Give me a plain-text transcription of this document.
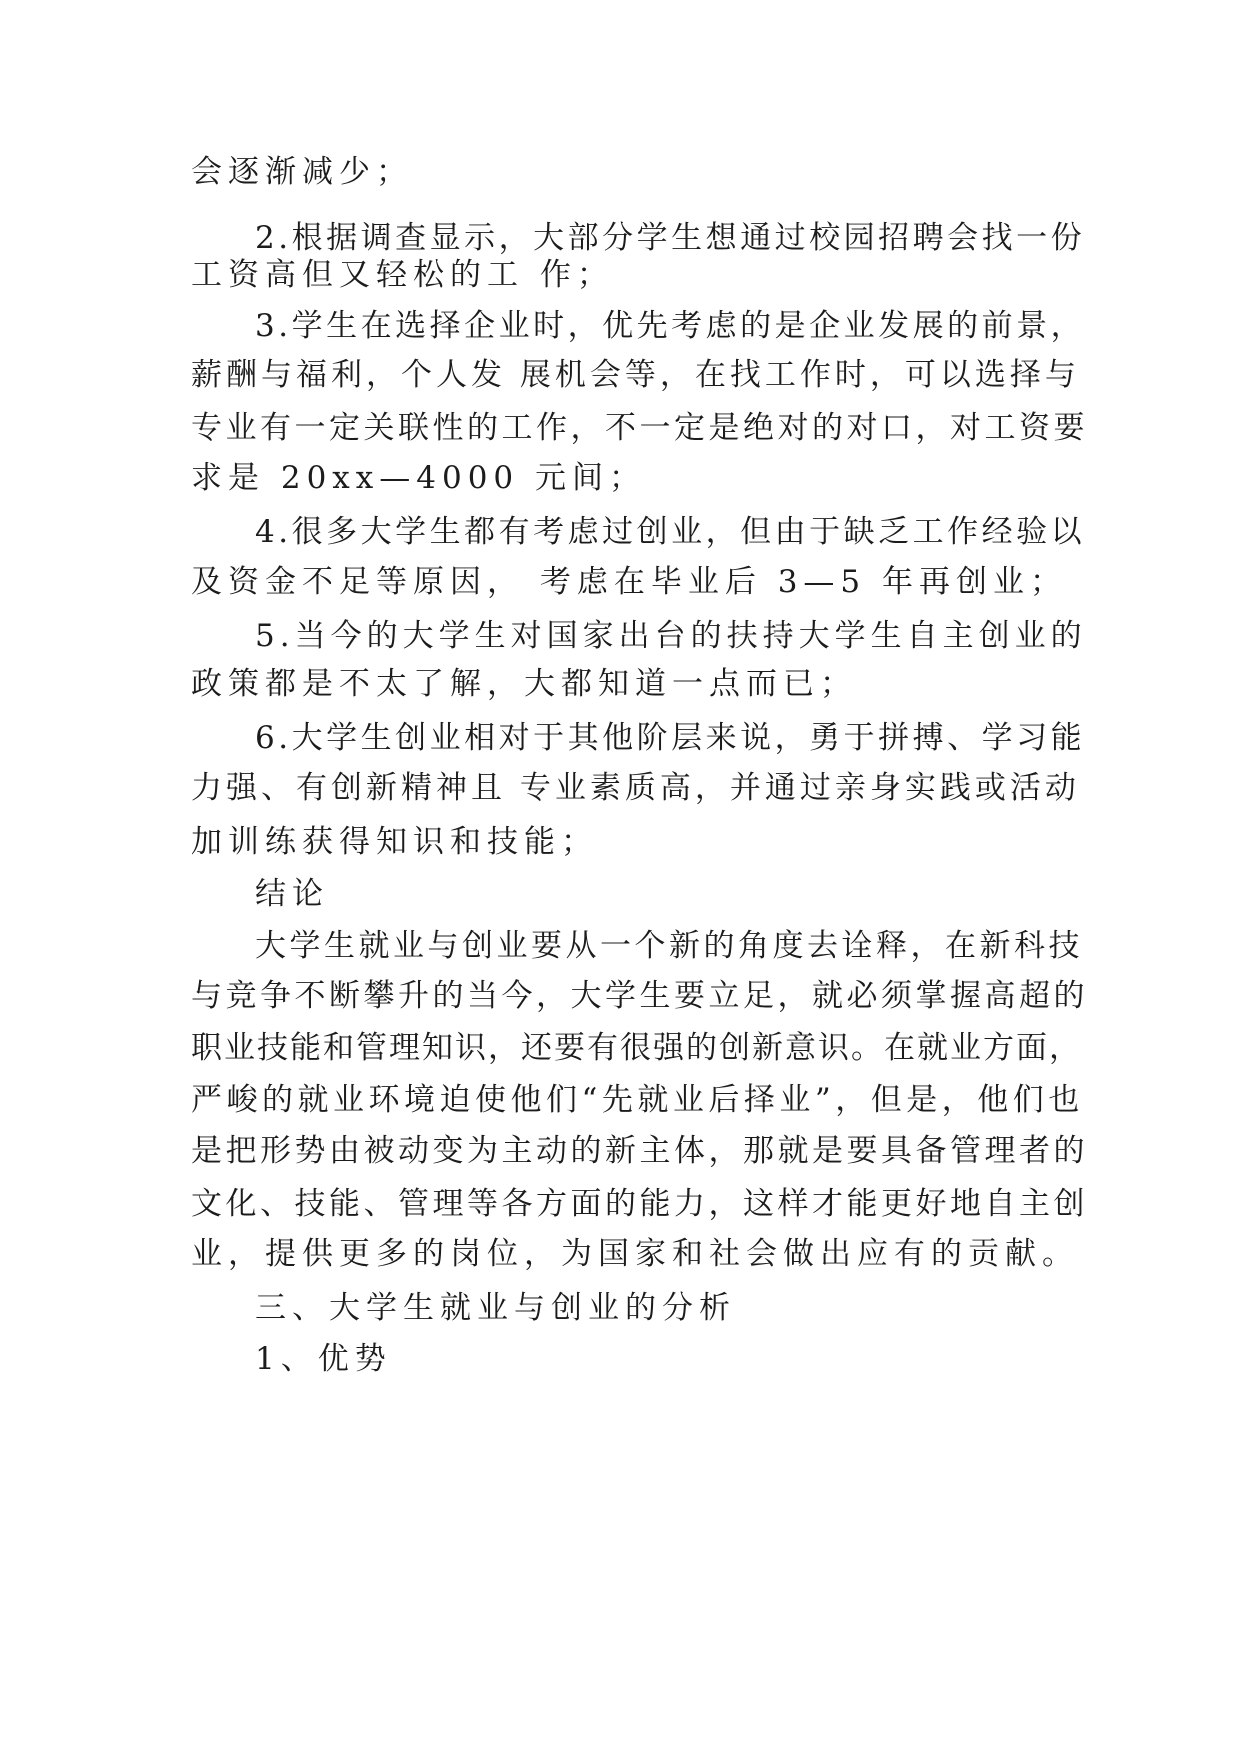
会逐渐减少；
2.根据调查显示，大部分学生想通过校园招聘会找一份
工资高但又轻松的工 作；
3.学生在选择企业时，优先考虑的是企业发展的前景，
薪酬与福利，个人发 展机会等，在找工作时，可以选择与
专业有一定关联性的工作，不一定是绝对的对口，对工资要
求是 20xx—4000 元间；
4.很多大学生都有考虑过创业，但由于缺乏工作经验以
及资金不足等原因， 考虑在毕业后 3—5 年再创业；
5.当今的大学生对国家出台的扶持大学生自主创业的
政策都是不太了解，大都知道一点而已；
6.大学生创业相对于其他阶层来说，勇于拼搏、学习能
力强、有创新精神且 专业素质高，并通过亲身实践或活动
加训练获得知识和技能；
结论
大学生就业与创业要从一个新的角度去诠释，在新科技
与竞争不断攀升的当今，大学生要立足，就必须掌握高超的
职业技能和管理知识，还要有很强的创新意识。在就业方面，
严峻的就业环境迫使他们“先就业后择业”，但是，他们也
是把形势由被动变为主动的新主体，那就是要具备管理者的
文化、技能、管理等各方面的能力，这样才能更好地自主创
业，提供更多的岗位，为国家和社会做出应有的贡献。
三、大学生就业与创业的分析
1、优势
